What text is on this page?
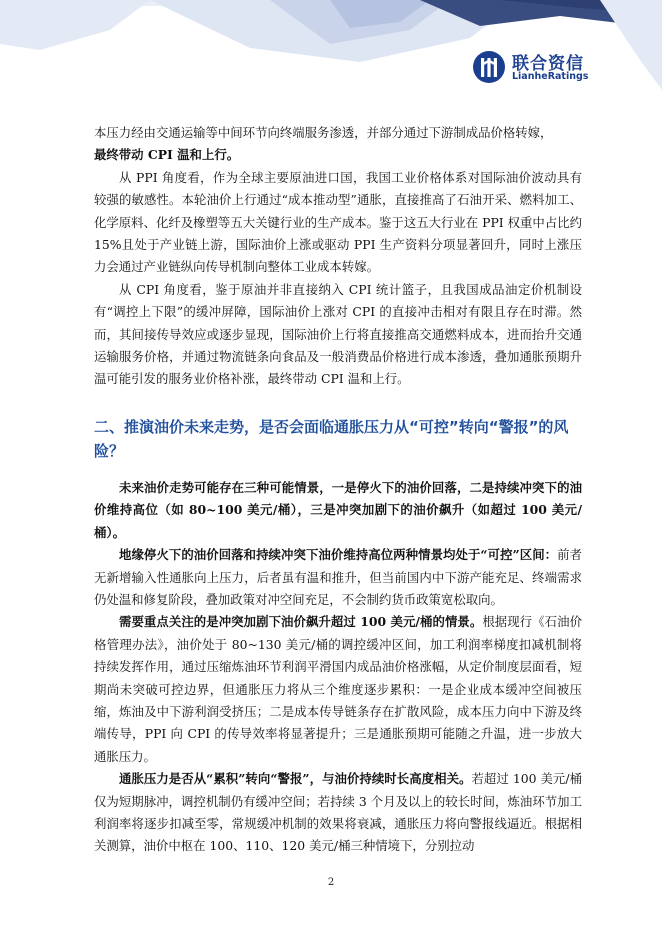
联合资信
LianheRatings

本压力经由交通运输等中间环节向终端服务渗透，并部分通过下游制成品价格转嫁，
最终带动 CPI 温和上行。

从 PPI 角度看，作为全球主要原油进口国，我国工业价格体系对国际油价波动具有较强的敏感性。本轮油价上行通过“成本推动型”通胀，直接推高了石油开采、燃料加工、化学原料、化纤及橡塑等五大关键行业的生产成本。鉴于这五大行业在 PPI 权重中占比约 15%且处于产业链上游，国际油价上涨或驱动 PPI 生产资料分项显著回升，同时上涨压力会通过产业链纵向传导机制向整体工业成本转嫁。

从 CPI 角度看，鉴于原油并非直接纳入 CPI 统计篮子，且我国成品油定价机制设有“调控上下限”的缓冲屏障，国际油价上涨对 CPI 的直接冲击相对有限且存在时滞。然而，其间接传导效应或逐步显现，国际油价上行将直接推高交通燃料成本，进而抬升交通运输服务价格，并通过物流链条向食品及一般消费品价格进行成本渗透，叠加通胀预期升温可能引发的服务业价格补涨，最终带动 CPI 温和上行。

二、推演油价未来走势，是否会面临通胀压力从“可控”转向“警报”的风险？

未来油价走势可能存在三种可能情景，一是停火下的油价回落，二是持续冲突下的油价维持高位（如 80~100 美元/桶），三是冲突加剧下的油价飙升（如超过 100 美元/桶）。

地缘停火下的油价回落和持续冲突下油价维持高位两种情景均处于“可控”区间：前者无新增输入性通胀向上压力，后者虽有温和推升，但当前国内中下游产能充足、终端需求仍处温和修复阶段，叠加政策对冲空间充足，不会制约货币政策宽松取向。

需要重点关注的是冲突加剧下油价飙升超过 100 美元/桶的情景。根据现行《石油价格管理办法》，油价处于 80~130 美元/桶的调控缓冲区间，加工利润率梯度扣减机制将持续发挥作用，通过压缩炼油环节利润平滑国内成品油价格涨幅，从定价制度层面看，短期尚未突破可控边界，但通胀压力将从三个维度逐步累积：一是企业成本缓冲空间被压缩，炼油及中下游利润受挤压；二是成本传导链条存在扩散风险，成本压力向中下游及终端传导，PPI 向 CPI 的传导效率将显著提升；三是通胀预期可能随之升温，进一步放大通胀压力。

通胀压力是否从“累积”转向“警报”，与油价持续时长高度相关。若超过 100 美元/桶仅为短期脉冲，调控机制仍有缓冲空间；若持续 3 个月及以上的较长时间，炼油环节加工利润率将逐步扣减至零，常规缓冲机制的效果将衰减，通胀压力将向警报线逼近。根据相关测算，油价中枢在 100、110、120 美元/桶三种情境下，分别拉动

2
